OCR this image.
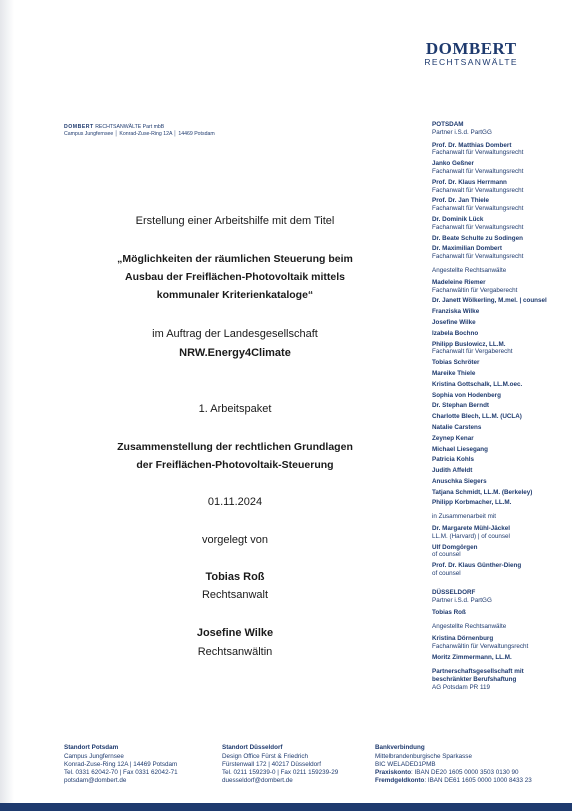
DOMBERT
RECHTSANWÄLTE
DOMBERT RECHTSANWÄLTE Part mbB
Campus Jungfernsee │ Konrad-Zuse-Ring 12A │ 14469 Potsdam
Erstellung einer Arbeitshilfe mit dem Titel
„Möglichkeiten der räumlichen Steuerung beim
Ausbau der Freiflächen-Photovoltaik mittels
kommunaler Kriterienkataloge“
im Auftrag der Landesgesellschaft
NRW.Energy4Climate
1. Arbeitspaket
Zusammenstellung der rechtlichen Grundlagen
der Freiflächen-Photovoltaik-Steuerung
01.11.2024
vorgelegt von
Tobias Roß
Rechtsanwalt
Josefine Wilke
Rechtsanwältin
POTSDAM
Partner i.S.d. PartGG
Prof. Dr. Matthias Dombert
Fachanwalt für Verwaltungsrecht
Janko Geßner
Fachanwalt für Verwaltungsrecht
Prof. Dr. Klaus Herrmann
Fachanwalt für Verwaltungsrecht
Prof. Dr. Jan Thiele
Fachanwalt für Verwaltungsrecht
Dr. Dominik Lück
Fachanwalt für Verwaltungsrecht
Dr. Beate Schulte zu Sodingen
Dr. Maximilian Dombert
Fachanwalt für Verwaltungsrecht
Angestellte Rechtsanwälte
Madeleine Riemer
Fachanwältin für Vergaberecht
Dr. Janett Wölkerling, M.mel. | counsel
Franziska Wilke
Josefine Wilke
Izabela Bochno
Philipp Buslowicz, LL.M.
Fachanwalt für Vergaberecht
Tobias Schröter
Mareike Thiele
Kristina Gottschalk, LL.M.oec.
Sophia von Hodenberg
Dr. Stephan Berndt
Charlotte Blech, LL.M. (UCLA)
Natalie Carstens
Zeynep Kenar
Michael Liesegang
Patricia Kohls
Judith Affeldt
Anuschka Siegers
Tatjana Schmidt, LL.M. (Berkeley)
Philipp Korbmacher, LL.M.
in Zusammenarbeit mit
Dr. Margarete Mühl-Jäckel
LL.M. (Harvard) | of counsel
Ulf Domgörgen
of counsel
Prof. Dr. Klaus Günther-Dieng
of counsel
DÜSSELDORF
Partner i.S.d. PartGG
Tobias Roß
Angestellte Rechtsanwälte
Kristina Dörnenburg
Fachanwältin für Verwaltungsrecht
Moritz Zimmermann, LL.M.
Partnerschaftsgesellschaft mit
beschränkter Berufshaftung
AG Potsdam PR 119
Standort Potsdam
Campus Jungfernsee
Konrad-Zuse-Ring 12A | 14469 Potsdam
Tel. 0331 62042-70 | Fax 0331 62042-71
potsdam@dombert.de
Standort Düsseldorf
Design Office Fürst & Friedrich
Fürstenwall 172 | 40217 Düsseldorf
Tel. 0211 159239-0 | Fax 0211 159239-29
duesseldorf@dombert.de
Bankverbindung
Mittelbrandenburgische Sparkasse
BIC WELADED1PMB
Praxiskonto: IBAN DE20 1605 0000 3503 0130 90
Fremdgeldkonto: IBAN DE61 1605 0000 1000 8433 23
